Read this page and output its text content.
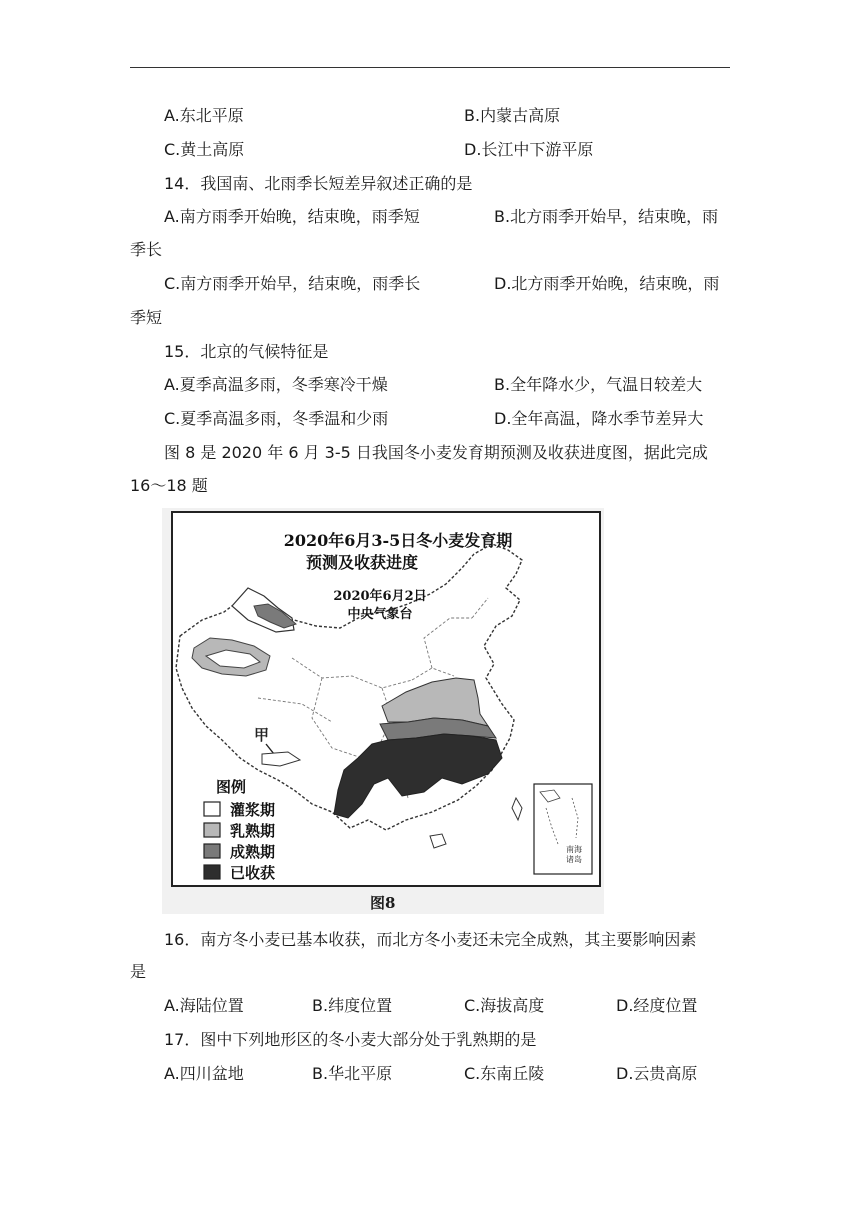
A.东北平原	B.内蒙古高原
C.黄土高原	D.长江中下游平原
14．我国南、北雨季长短差异叙述正确的是
A.南方雨季开始晚，结束晚，雨季短	B.北方雨季开始早，结束晚，雨
季长
C.南方雨季开始早，结束晚，雨季长	D.北方雨季开始晚，结束晚，雨
季短
15．北京的气候特征是
A.夏季高温多雨，冬季寒冷干燥	B.全年降水少，气温日较差大
C.夏季高温多雨，冬季温和少雨	D.全年高温，降水季节差异大
图 8 是 2020 年 6 月 3-5 日我国冬小麦发育期预测及收获进度图，据此完成
16～18 题
甲
2020年6月3-5日冬小麦发育期
预测及收获进度
2020年6月2日
中央气象台
图例
灌浆期
乳熟期
成熟期
已收获
南海诸岛
图8
16．南方冬小麦已基本收获，而北方冬小麦还未完全成熟，其主要影响因素
是
A.海陆位置	B.纬度位置	C.海拔高度	D.经度位置
17．图中下列地形区的冬小麦大部分处于乳熟期的是
A.四川盆地	B.华北平原	C.东南丘陵	D.云贵高原
